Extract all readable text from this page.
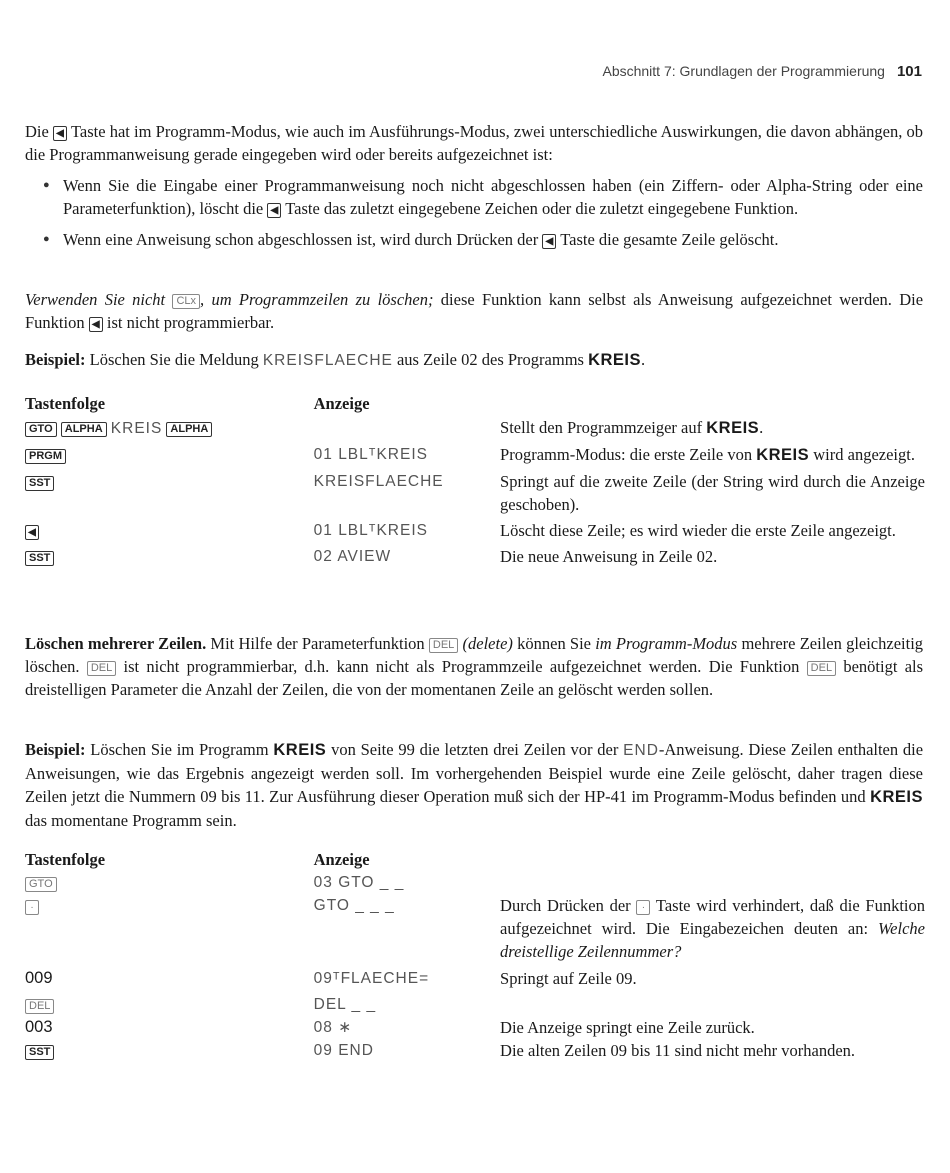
Abschnitt 7: Grundlagen der Programmierung 101
Die ◀ Taste hat im Programm-Modus, wie auch im Ausführungs-Modus, zwei unterschiedliche Auswirkungen, die davon abhängen, ob die Programmanweisung gerade eingegeben wird oder bereits aufgezeichnet ist:
● Wenn Sie die Eingabe einer Programmanweisung noch nicht abgeschlossen haben (ein Ziffern- oder Alpha-String oder eine Parameterfunktion), löscht die ◀ Taste das zuletzt eingegebene Zeichen oder die zuletzt eingegebene Funktion.
● Wenn eine Anweisung schon abgeschlossen ist, wird durch Drücken der ◀ Taste die gesamte Zeile gelöscht.
Verwenden Sie nicht CLx , um Programmzeilen zu löschen; diese Funktion kann selbst als Anweisung aufgezeichnet werden. Die Funktion ◀ ist nicht programmierbar.
Beispiel: Löschen Sie die Meldung KREISFLAECHE aus Zeile 02 des Programms KREIS.
Tastenfolge	Anzeige	
GTO ALPHA KREIS ALPHA		Stellt den Programmzeiger auf KREIS.
PRGM	01 LBLᵀKREIS	Programm-Modus: die erste Zeile von KREIS wird angezeigt.
SST	KREISFLAECHE	Springt auf die zweite Zeile (der String wird durch die Anzeige geschoben).
◀	01 LBLᵀKREIS	Löscht diese Zeile; es wird wieder die erste Zeile angezeigt.
SST	02 AVIEW	Die neue Anweisung in Zeile 02.
Löschen mehrerer Zeilen. Mit Hilfe der Parameterfunktion DEL (delete) können Sie im Programm-Modus mehrere Zeilen gleichzeitig löschen. DEL ist nicht programmierbar, d.h. kann nicht als Programmzeile aufgezeichnet werden. Die Funktion DEL benötigt als dreistelligen Parameter die Anzahl der Zeilen, die von der momentanen Zeile an gelöscht werden sollen.
Beispiel: Löschen Sie im Programm KREIS von Seite 99 die letzten drei Zeilen vor der END-Anweisung. Diese Zeilen enthalten die Anweisungen, wie das Ergebnis angezeigt werden soll. Im vorhergehenden Beispiel wurde eine Zeile gelöscht, daher tragen diese Zeilen jetzt die Nummern 09 bis 11. Zur Ausführung dieser Operation muß sich der HP-41 im Programm-Modus befinden und KREIS das momentane Programm sein.
Tastenfolge	Anzeige	
GTO	03 GTO _ _	
·	GTO _ _ _	Durch Drücken der · Taste wird verhindert, daß die Funktion aufgezeichnet wird. Die Eingabezeichen deuten an: Welche dreistellige Zeilennummer?
009	09ᵀFLAECHE=	Springt auf Zeile 09.
DEL	DEL _ _	
003	08 ∗	Die Anzeige springt eine Zeile zurück.
SST	09 END	Die alten Zeilen 09 bis 11 sind nicht mehr vorhanden.
